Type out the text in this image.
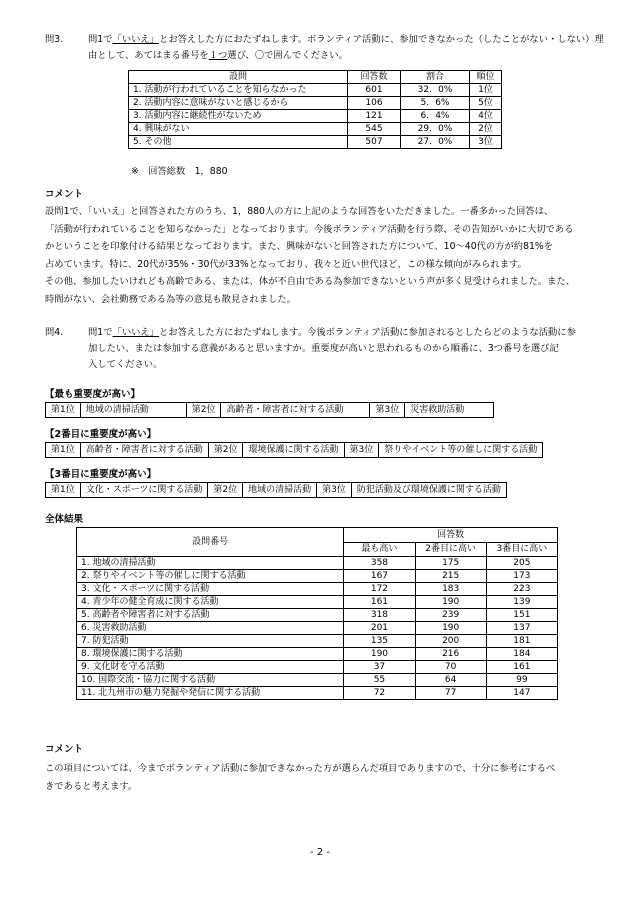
問3.	問1で「いいえ」とお答えした方におたずねします。ボランティア活動に、参加できなかった（したことがない・しない）理
由として、あてはまる番号を１つ選び、〇で囲んでください。
設問	回答数	割合	順位
1. 活動が行われていることを知らなかった	601	32．0%	1位
2. 活動内容に意味がないと感じるから	106	5．6%	5位
3. 活動内容に継続性がないため	121	6．4%	4位
4. 興味がない	545	29．0%	2位
5. その他	507	27．0%	3位
※　回答総数　1，880
コメント
設問1で、「いいえ」と回答された方のうち、1，880人の方に上記のような回答をいただきました。一番多かった回答は、
「活動が行われていることを知らなかった」となっております。今後ボランティア活動を行う際、その告知がいかに大切である
かということを印象付ける結果となっております。また、興味がないと回答された方について、10～40代の方が約81%を
占めています。特に、20代が35%・30代が33%となっており、我々と近い世代ほど、この様な傾向がみられます。
その他、参加したいけれども高齢である、または、体が不自由である為参加できないという声が多く見受けられました。また、
時間がない、会社勤務である為等の意見も散見されました。
問4.	問1で「いいえ」とお答えした方におたずねします。今後ボランティア活動に参加されるとしたらどのような活動に参
加したい、または参加する意義があると思いますか。重要度が高いと思われるものから順番に、3つ番号を選び記
入してください。
【最も重要度が高い】
第1位	地域の清掃活動	第2位	高齢者・障害者に対する活動	第3位	災害救助活動
【2番目に重要度が高い】
第1位	高齢者・障害者に対する活動	第2位	環境保護に関する活動	第3位	祭りやイベント等の催しに関する活動
【3番目に重要度が高い】
第1位	文化・スポーツに関する活動	第2位	地域の清掃活動	第3位	防犯活動及び環境保護に関する活動
全体結果
設問番号	回答数		
	最も高い	2番目に高い	3番目に高い
1. 地域の清掃活動	358	175	205
2. 祭りやイベント等の催しに関する活動	167	215	173
3. 文化・スポーツに関する活動	172	183	223
4. 青少年の健全育成に関する活動	161	190	139
5. 高齢者や障害者に対する活動	318	239	151
6. 災害救助活動	201	190	137
7. 防犯活動	135	200	181
8. 環境保護に関する活動	190	216	184
9. 文化財を守る活動	37	70	161
10. 国際交流・協力に関する活動	55	64	99
11. 北九州市の魅力発掘や発信に関する活動	72	77	147
コメント
この項目については、今までボランティア活動に参加できなかった方が選らんだ項目でありますので、十分に参考にするべ
きであると考えます。
- 2 -
